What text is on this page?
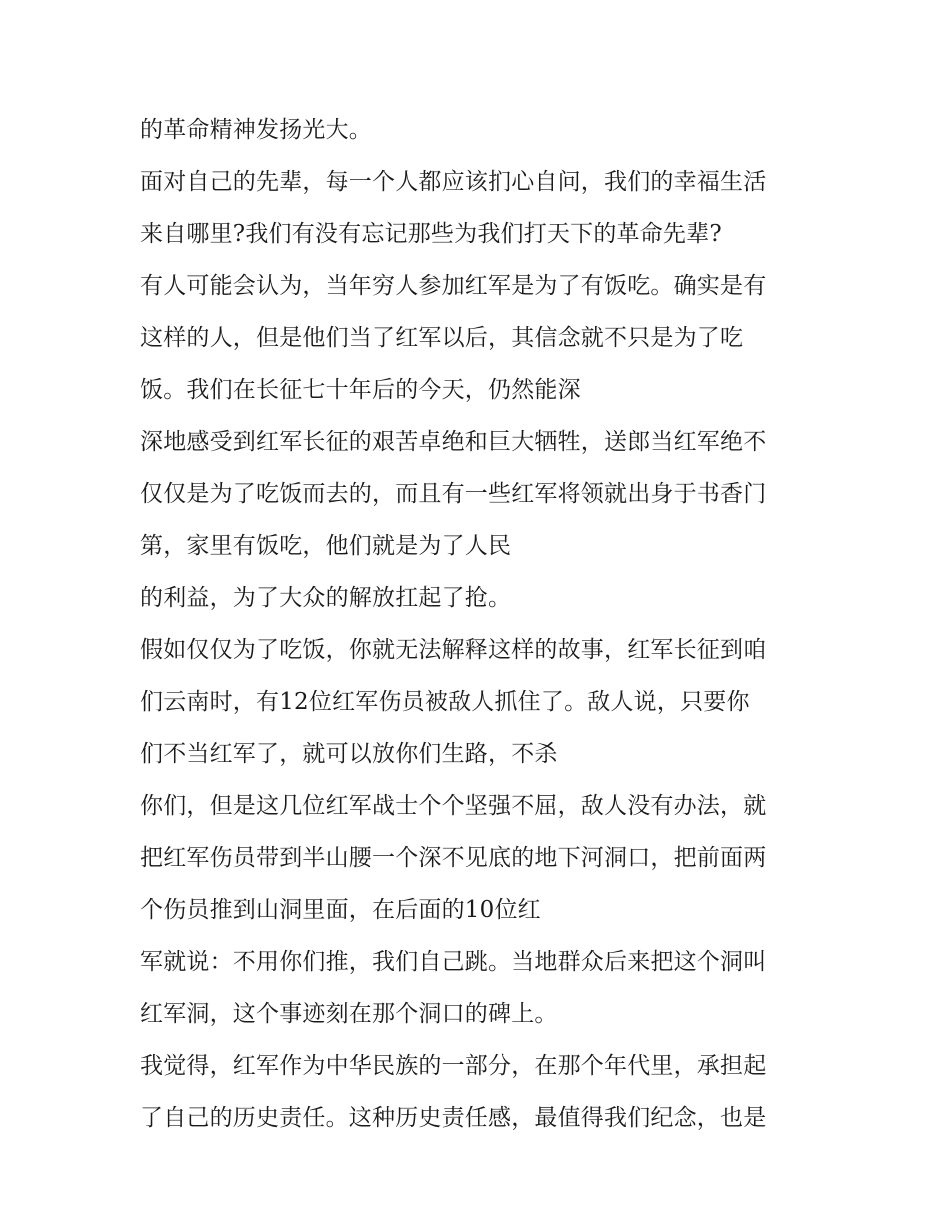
的革命精神发扬光大。
面对自己的先辈，每一个人都应该扪心自问，我们的幸福生活
来自哪里?我们有没有忘记那些为我们打天下的革命先辈?
有人可能会认为，当年穷人参加红军是为了有饭吃。确实是有
这样的人，但是他们当了红军以后，其信念就不只是为了吃
饭。我们在长征七十年后的今天，仍然能深
深地感受到红军长征的艰苦卓绝和巨大牺牲，送郎当红军绝不
仅仅是为了吃饭而去的，而且有一些红军将领就出身于书香门
第，家里有饭吃，他们就是为了人民
的利益，为了大众的解放扛起了抢。
假如仅仅为了吃饭，你就无法解释这样的故事，红军长征到咱
们云南时，有12位红军伤员被敌人抓住了。敌人说，只要你
们不当红军了，就可以放你们生路，不杀
你们，但是这几位红军战士个个坚强不屈，敌人没有办法，就
把红军伤员带到半山腰一个深不见底的地下河洞口，把前面两
个伤员推到山洞里面，在后面的10位红
军就说：不用你们推，我们自己跳。当地群众后来把这个洞叫
红军洞，这个事迹刻在那个洞口的碑上。
我觉得，红军作为中华民族的一部分，在那个年代里，承担起
了自己的历史责任。这种历史责任感，最值得我们纪念，也是
